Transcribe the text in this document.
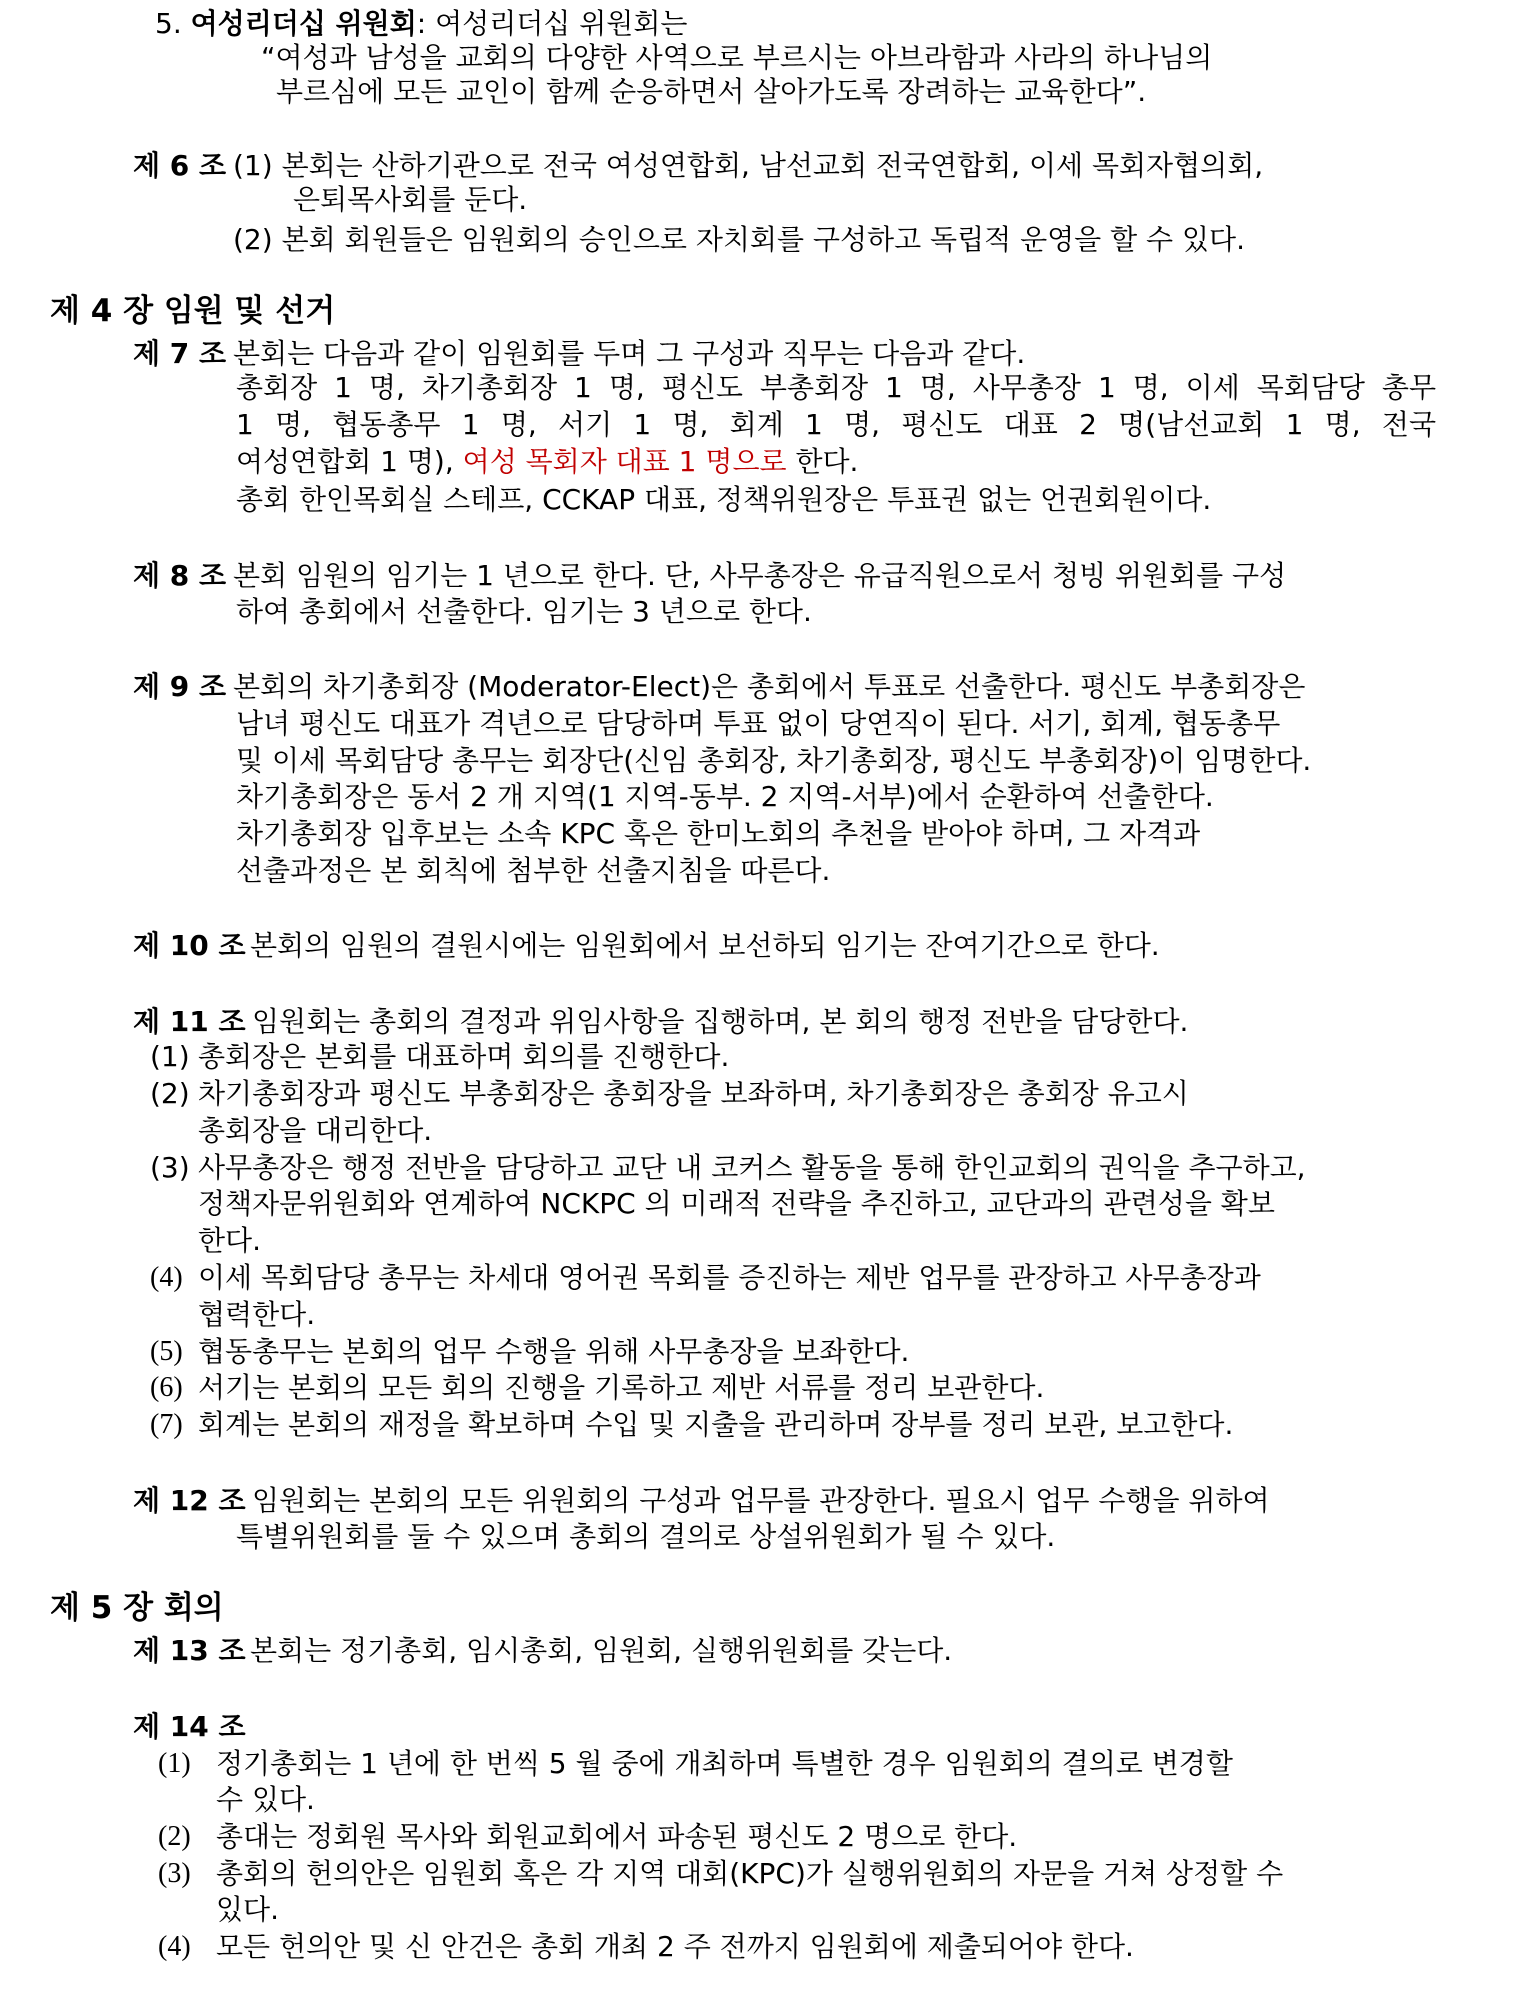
5. 여성리더십 위원회: 여성리더십 위원회는
“여성과 남성을 교회의 다양한 사역으로 부르시는 아브라함과 사라의 하나님의
부르심에 모든 교인이 함께 순응하면서 살아가도록 장려하는 교육한다”.
제 6 조 (1) 본회는 산하기관으로 전국 여성연합회, 남선교회 전국연합회, 이세 목회자협의회,
은퇴목사회를 둔다.
(2) 본회 회원들은 임원회의 승인으로 자치회를 구성하고 독립적 운영을 할 수 있다.
제 4 장 임원 및 선거
제 7 조 본회는 다음과 같이 임원회를 두며 그 구성과 직무는 다음과 같다.
총회장 1 명, 차기총회장 1 명, 평신도 부총회장 1 명, 사무총장 1 명, 이세 목회담당 총무
1 명, 협동총무 1 명, 서기 1 명, 회계 1 명, 평신도 대표 2 명(남선교회 1 명, 전국
여성연합회 1 명), 여성 목회자 대표 1 명으로 한다.
총회 한인목회실 스테프, CCKAP 대표, 정책위원장은 투표권 없는 언권회원이다.
제 8 조 본회 임원의 임기는 1 년으로 한다. 단, 사무총장은 유급직원으로서 청빙 위원회를 구성
하여 총회에서 선출한다. 임기는 3 년으로 한다.
제 9 조 본회의 차기총회장 (Moderator-Elect)은 총회에서 투표로 선출한다. 평신도 부총회장은
남녀 평신도 대표가 격년으로 담당하며 투표 없이 당연직이 된다. 서기, 회계, 협동총무
및 이세 목회담당 총무는 회장단(신임 총회장, 차기총회장, 평신도 부총회장)이 임명한다.
차기총회장은 동서 2 개 지역(1 지역-동부. 2 지역-서부)에서 순환하여 선출한다.
차기총회장 입후보는 소속 KPC 혹은 한미노회의 추천을 받아야 하며, 그 자격과
선출과정은 본 회칙에 첨부한 선출지침을 따른다.
제 10 조 본회의 임원의 결원시에는 임원회에서 보선하되 임기는 잔여기간으로 한다.
제 11 조 임원회는 총회의 결정과 위임사항을 집행하며, 본 회의 행정 전반을 담당한다.
(1) 총회장은 본회를 대표하며 회의를 진행한다.
(2) 차기총회장과 평신도 부총회장은 총회장을 보좌하며, 차기총회장은 총회장 유고시
총회장을 대리한다.
(3) 사무총장은 행정 전반을 담당하고 교단 내 코커스 활동을 통해 한인교회의 권익을 추구하고,
정책자문위원회와 연계하여 NCKPC 의 미래적 전략을 추진하고, 교단과의 관련성을 확보
한다.
(4) 이세 목회담당 총무는 차세대 영어권 목회를 증진하는 제반 업무를 관장하고 사무총장과
협력한다.
(5) 협동총무는 본회의 업무 수행을 위해 사무총장을 보좌한다.
(6) 서기는 본회의 모든 회의 진행을 기록하고 제반 서류를 정리 보관한다.
(7) 회계는 본회의 재정을 확보하며 수입 및 지출을 관리하며 장부를 정리 보관, 보고한다.
제 12 조 임원회는 본회의 모든 위원회의 구성과 업무를 관장한다. 필요시 업무 수행을 위하여
특별위원회를 둘 수 있으며 총회의 결의로 상설위원회가 될 수 있다.
제 5 장 회의
제 13 조 본회는 정기총회, 임시총회, 임원회, 실행위원회를 갖는다.
제 14 조
(1) 정기총회는 1 년에 한 번씩 5 월 중에 개최하며 특별한 경우 임원회의 결의로 변경할
수 있다.
(2) 총대는 정회원 목사와 회원교회에서 파송된 평신도 2 명으로 한다.
(3) 총회의 헌의안은 임원회 혹은 각 지역 대회(KPC)가 실행위원회의 자문을 거쳐 상정할 수
있다.
(4) 모든 헌의안 및 신 안건은 총회 개최 2 주 전까지 임원회에 제출되어야 한다.
